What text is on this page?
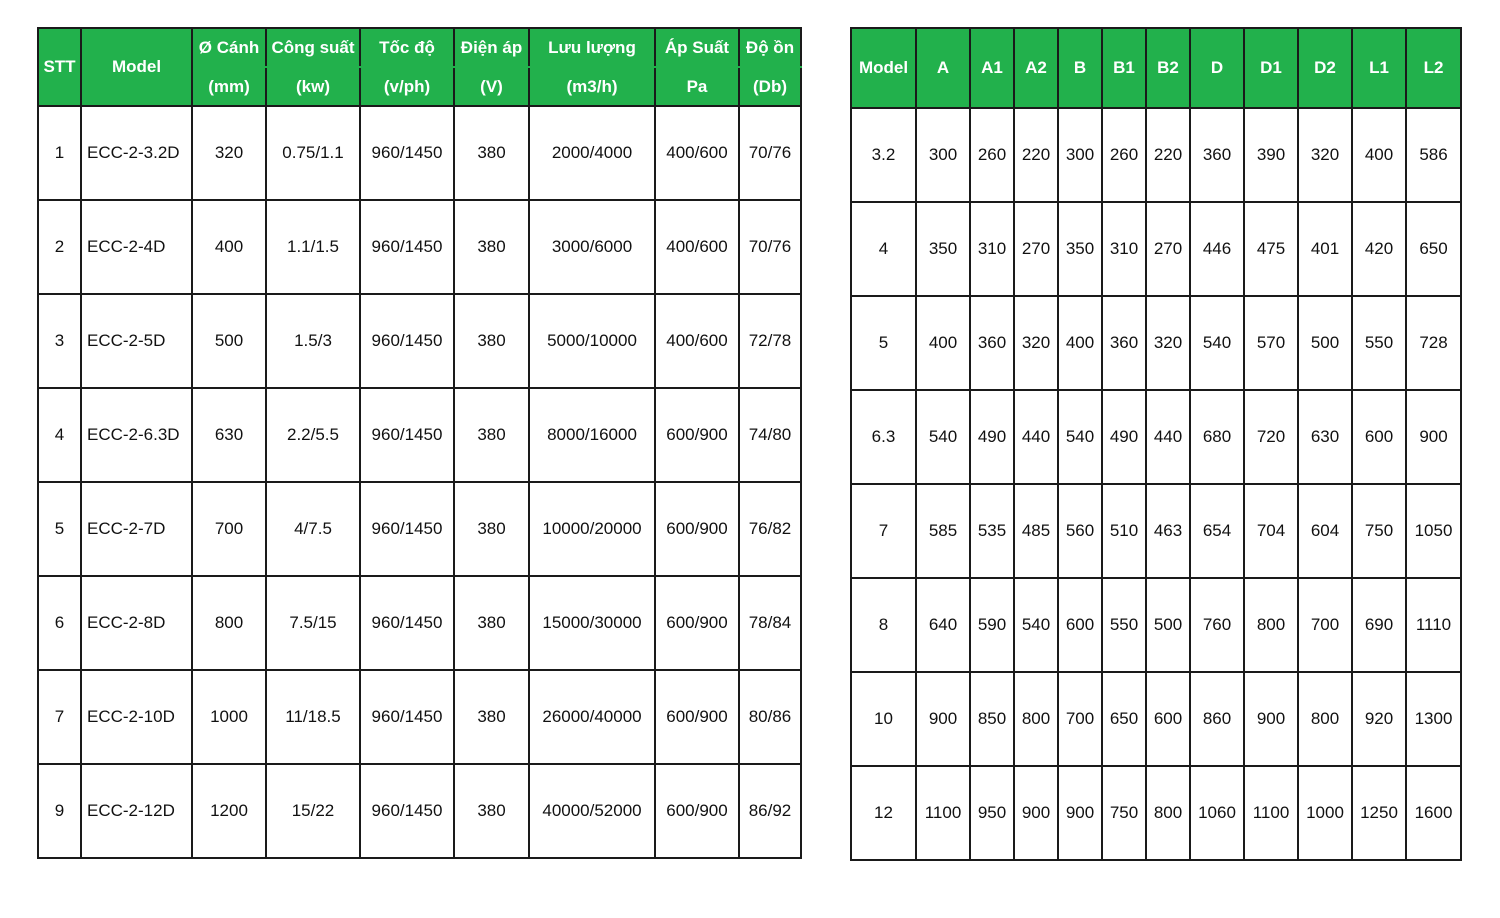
STT	Model	Ø Cánh	Công suất	Tốc độ	Điện áp	Lưu lượng	Áp Suất	Độ ồn
		(mm)	(kw)	(v/ph)	(V)	(m3/h)	Pa	(Db)
1	ECC-2-3.2D	320	0.75/1.1	960/1450	380	2000/4000	400/600	70/76
2	ECC-2-4D	400	1.1/1.5	960/1450	380	3000/6000	400/600	70/76
3	ECC-2-5D	500	1.5/3	960/1450	380	5000/10000	400/600	72/78
4	ECC-2-6.3D	630	2.2/5.5	960/1450	380	8000/16000	600/900	74/80
5	ECC-2-7D	700	4/7.5	960/1450	380	10000/20000	600/900	76/82
6	ECC-2-8D	800	7.5/15	960/1450	380	15000/30000	600/900	78/84
7	ECC-2-10D	1000	11/18.5	960/1450	380	26000/40000	600/900	80/86
9	ECC-2-12D	1200	15/22	960/1450	380	40000/52000	600/900	86/92
Model	A	A1	A2	B	B1	B2	D	D1	D2	L1	L2
3.2	300	260	220	300	260	220	360	390	320	400	586
4	350	310	270	350	310	270	446	475	401	420	650
5	400	360	320	400	360	320	540	570	500	550	728
6.3	540	490	440	540	490	440	680	720	630	600	900
7	585	535	485	560	510	463	654	704	604	750	1050
8	640	590	540	600	550	500	760	800	700	690	1110
10	900	850	800	700	650	600	860	900	800	920	1300
12	1100	950	900	900	750	800	1060	1100	1000	1250	1600
